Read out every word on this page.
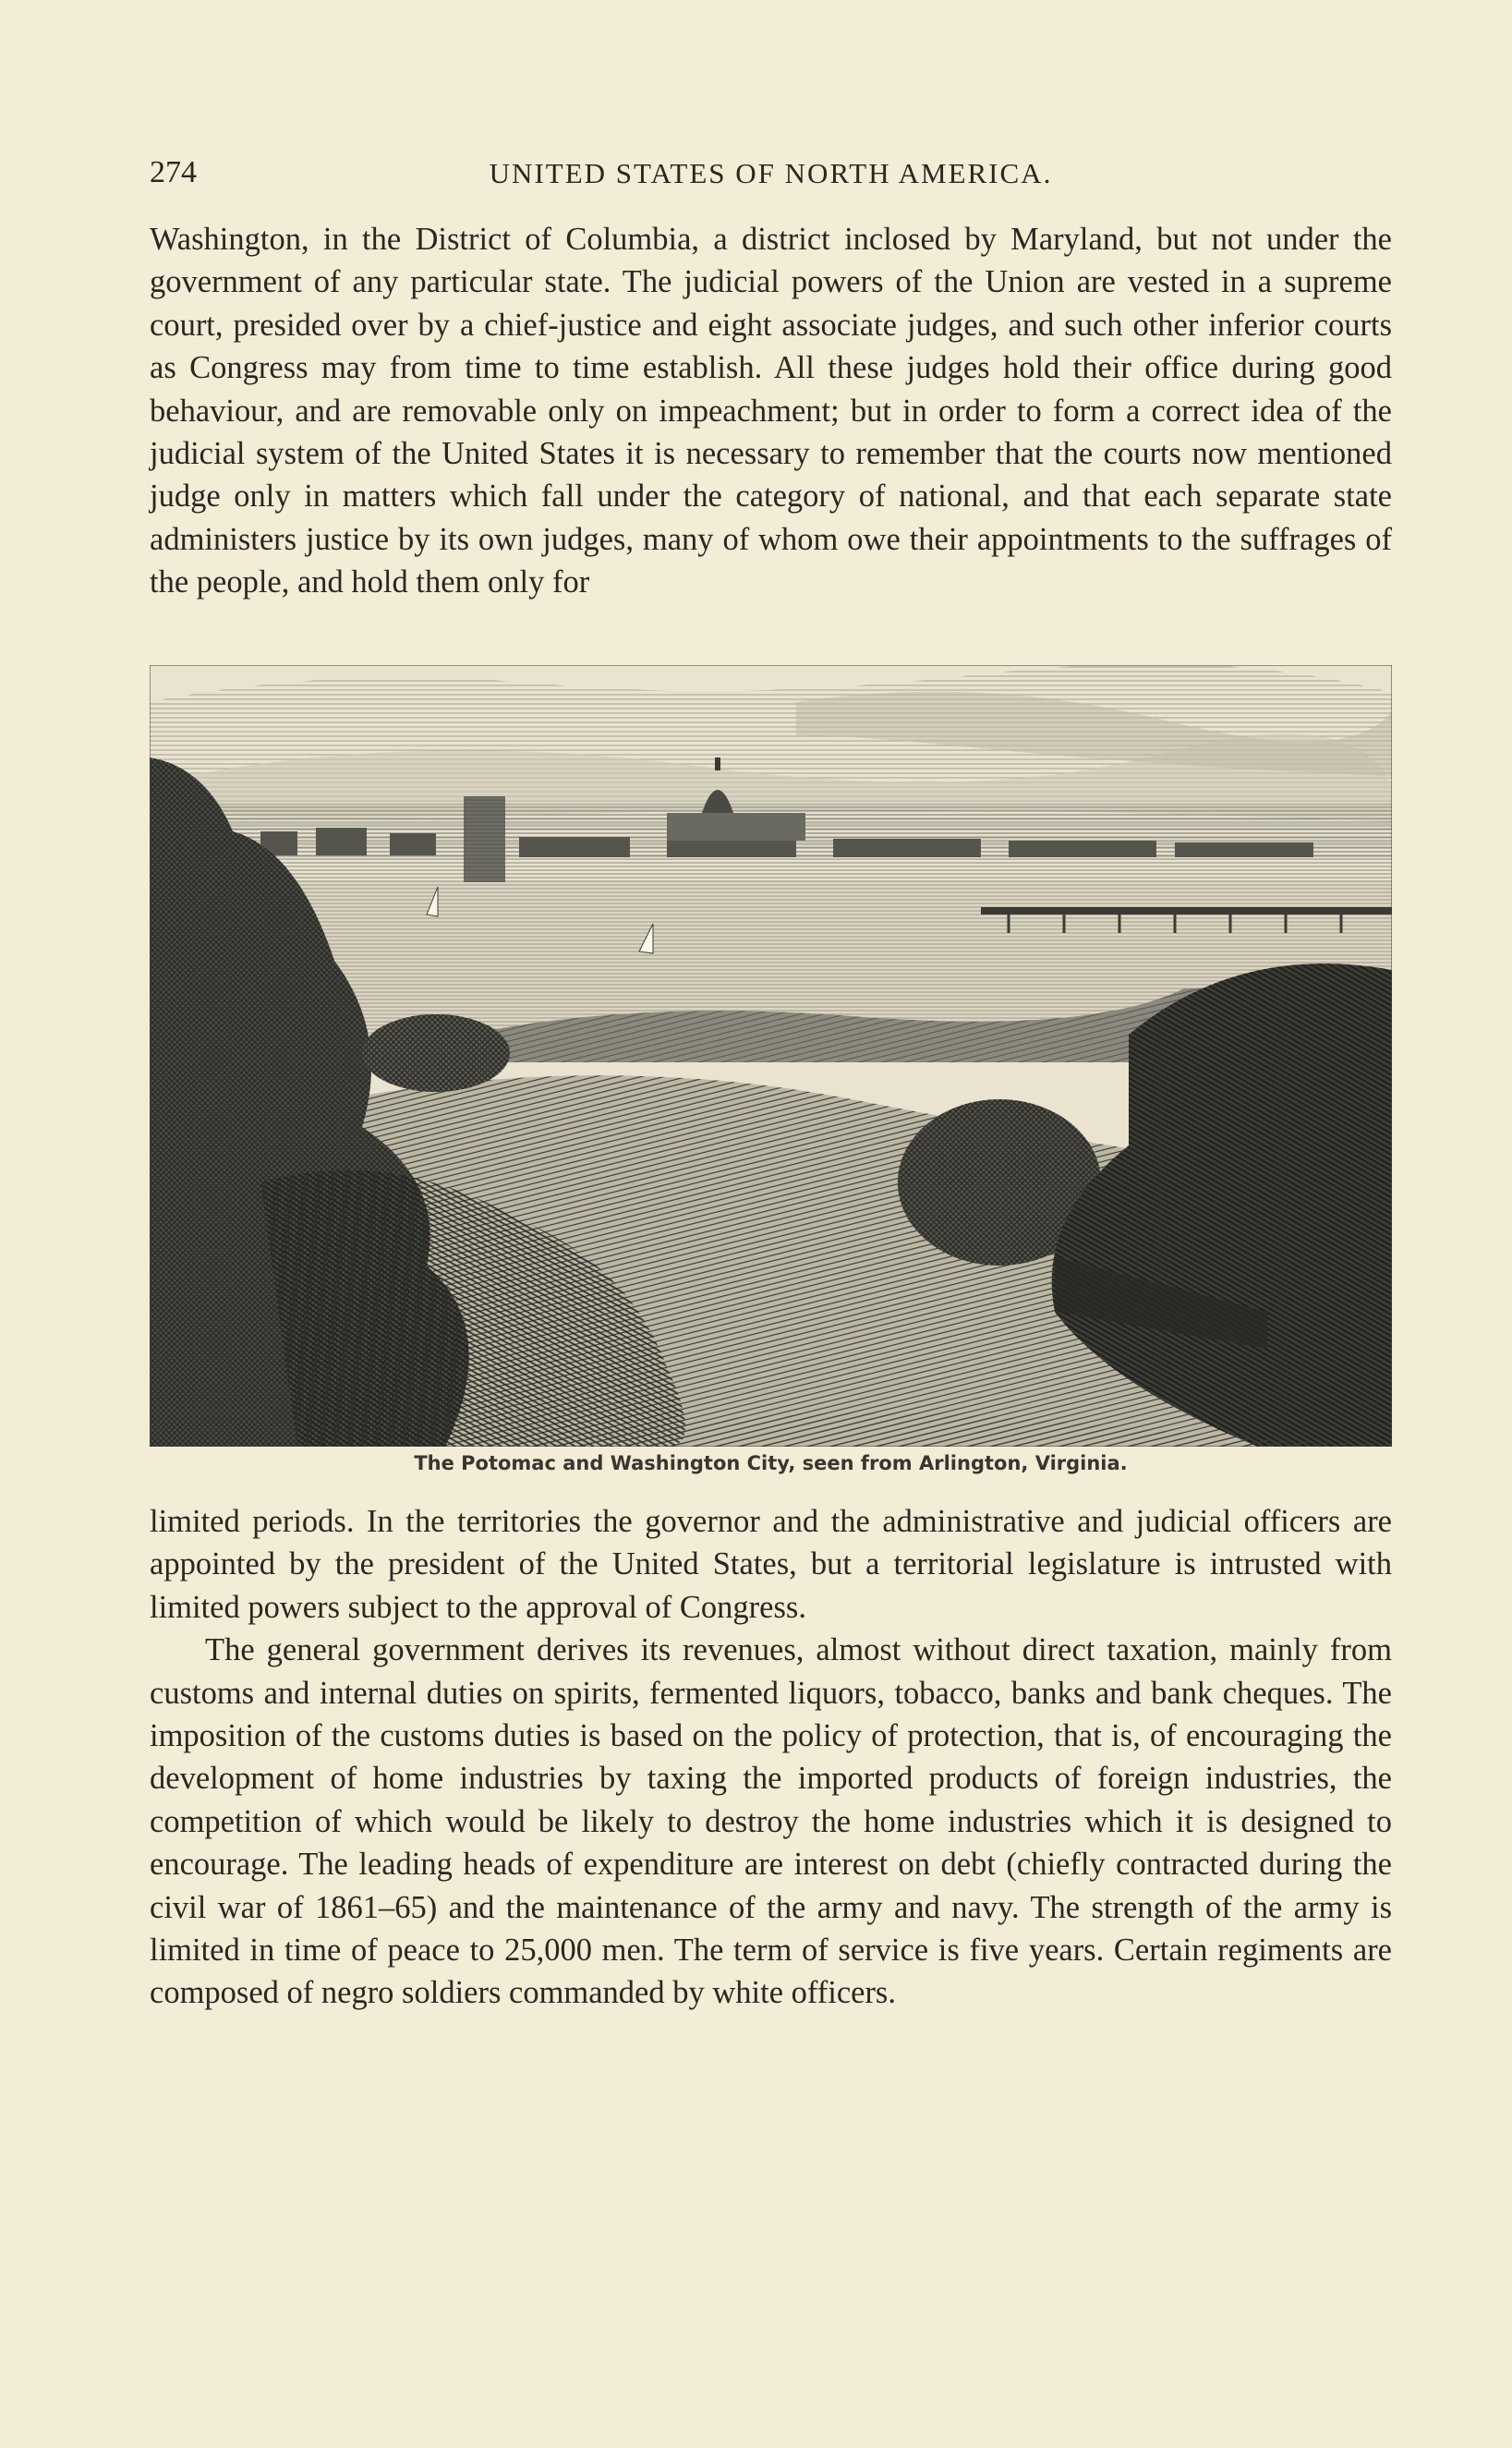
274	UNITED STATES OF NORTH AMERICA.
Washington, in the District of Columbia, a district inclosed by Maryland, but not under the government of any particular state. The judicial powers of the Union are vested in a supreme court, presided over by a chief-justice and eight associate judges, and such other inferior courts as Congress may from time to time establish. All these judges hold their office during good behaviour, and are removable only on impeachment; but in order to form a correct idea of the judicial system of the United States it is necessary to remember that the courts now mentioned judge only in matters which fall under the category of national, and that each separate state administers justice by its own judges, many of whom owe their appointments to the suffrages of the people, and hold them only for
The Potomac and Washington City, seen from Arlington, Virginia.
limited periods. In the territories the governor and the administrative and judicial officers are appointed by the president of the United States, but a territorial legislature is intrusted with limited powers subject to the approval of Congress.
The general government derives its revenues, almost without direct taxation, mainly from customs and internal duties on spirits, fermented liquors, tobacco, banks and bank cheques. The imposition of the customs duties is based on the policy of protection, that is, of encouraging the development of home industries by taxing the imported products of foreign industries, the competition of which would be likely to destroy the home industries which it is designed to encourage. The leading heads of expenditure are interest on debt (chiefly contracted during the civil war of 1861–65) and the maintenance of the army and navy. The strength of the army is limited in time of peace to 25,000 men. The term of service is five years. Certain regiments are composed of negro soldiers commanded by white officers.
